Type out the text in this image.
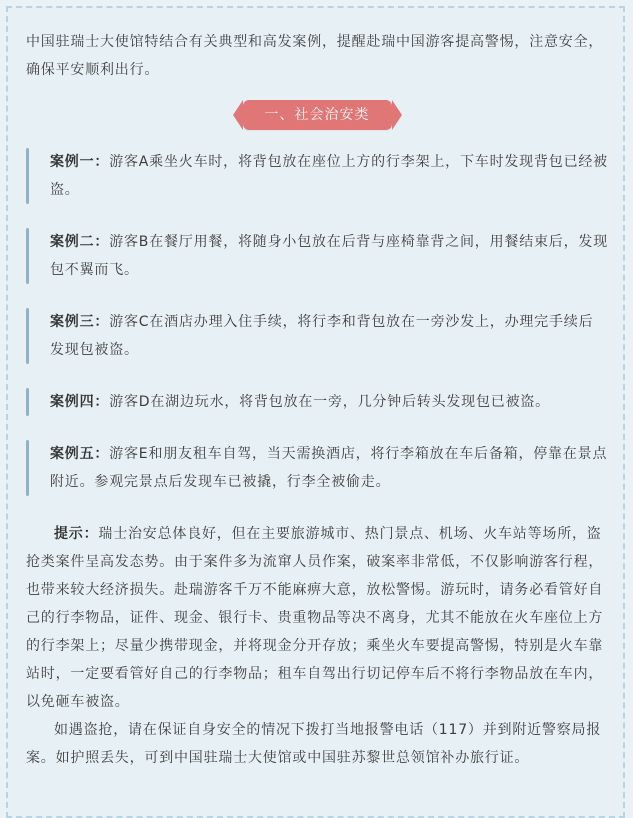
中国驻瑞士大使馆特结合有关典型和高发案例，提醒赴瑞中国游客提高警惕，注意安全，确保平安顺利出行。

一、社会治安类

案例一：游客A乘坐火车时，将背包放在座位上方的行李架上，下车时发现背包已经被盗。

案例二：游客B在餐厅用餐，将随身小包放在后背与座椅靠背之间，用餐结束后，发现包不翼而飞。

案例三：游客C在酒店办理入住手续，将行李和背包放在一旁沙发上，办理完手续后发现包被盗。

案例四：游客D在湖边玩水，将背包放在一旁，几分钟后转头发现包已被盗。

案例五：游客E和朋友租车自驾，当天需换酒店，将行李箱放在车后备箱，停靠在景点附近。参观完景点后发现车已被撬，行李全被偷走。

提示：瑞士治安总体良好，但在主要旅游城市、热门景点、机场、火车站等场所，盗抢类案件呈高发态势。由于案件多为流窜人员作案，破案率非常低，不仅影响游客行程，也带来较大经济损失。赴瑞游客千万不能麻痹大意，放松警惕。游玩时，请务必看管好自己的行李物品，证件、现金、银行卡、贵重物品等决不离身，尤其不能放在火车座位上方的行李架上；尽量少携带现金，并将现金分开存放；乘坐火车要提高警惕，特别是火车靠站时，一定要看管好自己的行李物品；租车自驾出行切记停车后不将行李物品放在车内，以免砸车被盗。

如遇盗抢，请在保证自身安全的情况下拨打当地报警电话（117）并到附近警察局报案。如护照丢失，可到中国驻瑞士大使馆或中国驻苏黎世总领馆补办旅行证。
